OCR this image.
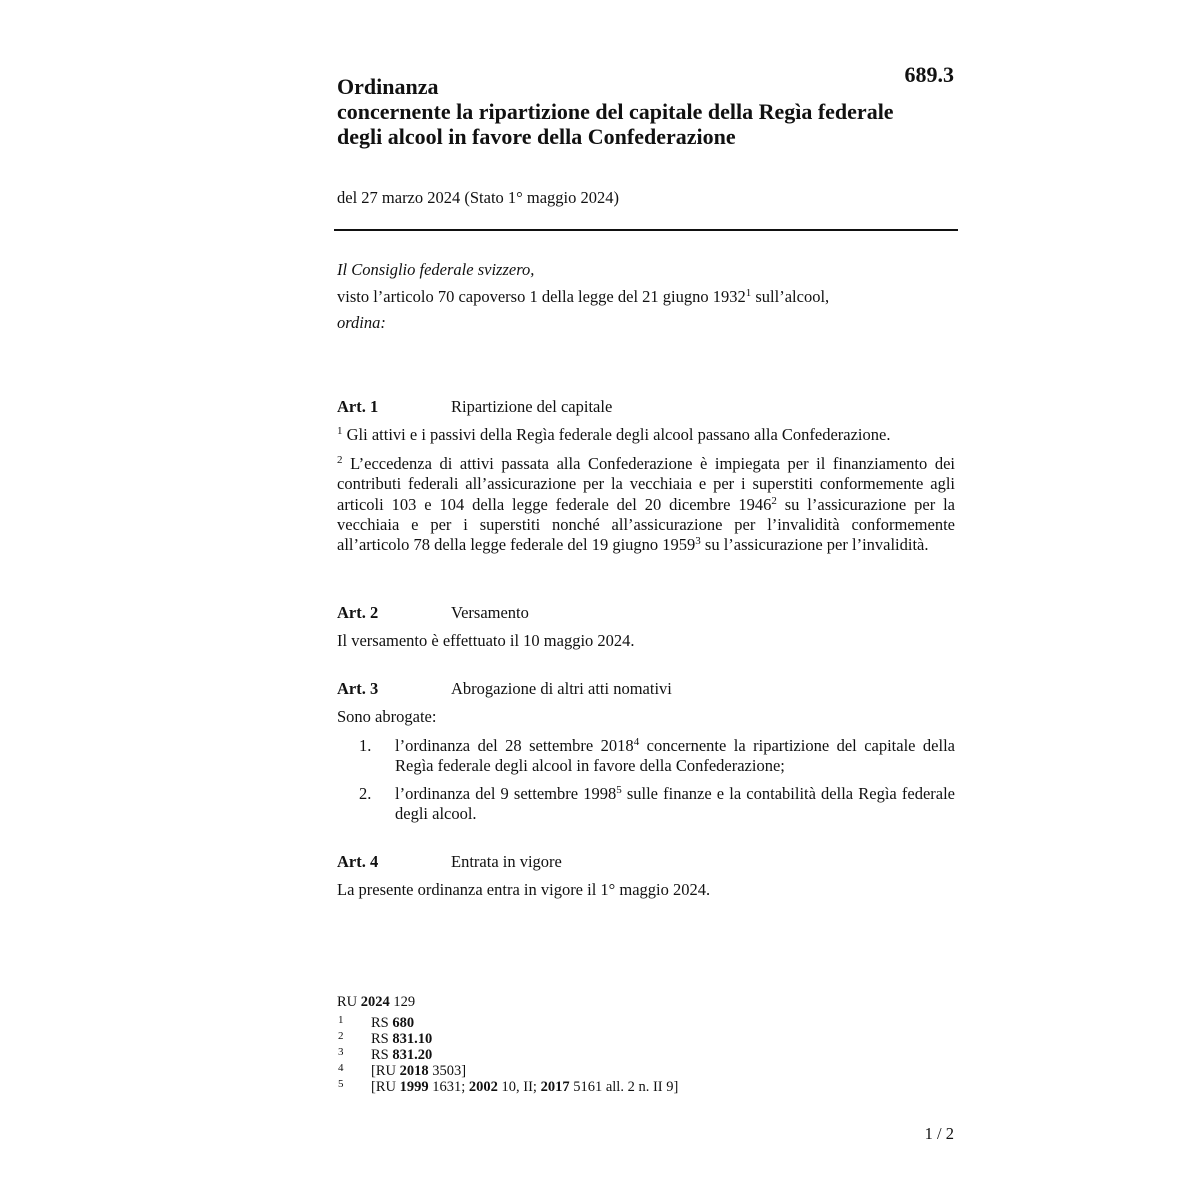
689.3
Ordinanza
concernente la ripartizione del capitale della Regìa federale
degli alcool in favore della Confederazione
del 27 marzo 2024 (Stato 1° maggio 2024)
Il Consiglio federale svizzero,
visto l’articolo 70 capoverso 1 della legge del 21 giugno 1932$^1$ sull’alcool,
ordina:
Art. 1	Ripartizione del capitale
$^1$ Gli attivi e i passivi della Regìa federale degli alcool passano alla Confederazione.
$^2$ L’eccedenza di attivi passata alla Confederazione è impiegata per il finanziamento dei contributi federali all’assicurazione per la vecchiaia e per i superstiti conformemente agli articoli 103 e 104 della legge federale del 20 dicembre 1946$^2$ su l’assicurazione per la vecchiaia e per i superstiti nonché all’assicurazione per l’invalidità conformemente all’articolo 78 della legge federale del 19 giugno 1959$^3$ su l’assicurazione per l’invalidità.
Art. 2	Versamento
Il versamento è effettuato il 10 maggio 2024.
Art. 3	Abrogazione di altri atti nomativi
Sono abrogate:
1. l’ordinanza del 28 settembre 2018$^4$ concernente la ripartizione del capitale della Regìa federale degli alcool in favore della Confederazione;
2. l’ordinanza del 9 settembre 1998$^5$ sulle finanze e la contabilità della Regìa federale degli alcool.
Art. 4	Entrata in vigore
La presente ordinanza entra in vigore il 1° maggio 2024.
RU 2024 129
1 RS 680
2 RS 831.10
3 RS 831.20
4 [RU 2018 3503]
5 [RU 1999 1631; 2002 10, II; 2017 5161 all. 2 n. II 9]
1 / 2
